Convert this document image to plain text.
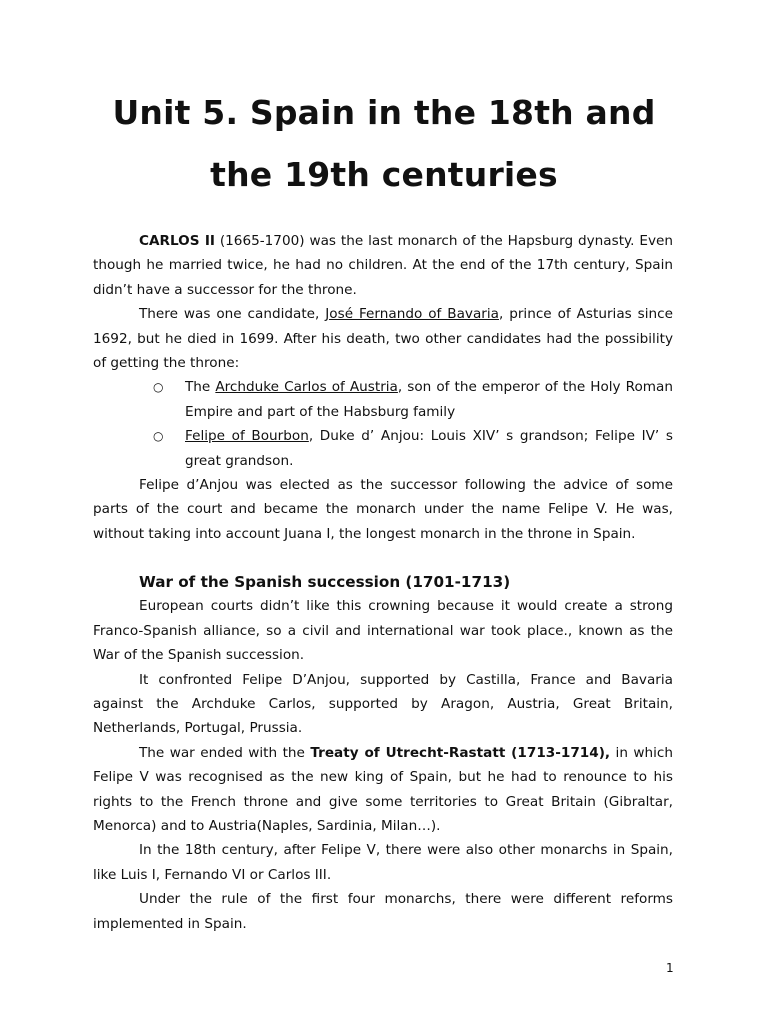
Unit 5. Spain in the 18th and
the 19th centuries

CARLOS II (1665-1700) was the last monarch of the Hapsburg dynasty. Even though he married twice, he had no children. At the end of the 17th century, Spain didn’t have a successor for the throne.

There was one candidate, José Fernando of Bavaria, prince of Asturias since 1692, but he died in 1699. After his death, two other candidates had the possibility of getting the throne:

○ The Archduke Carlos of Austria, son of the emperor of the Holy Roman Empire and part of the Habsburg family
○ Felipe of Bourbon, Duke d’ Anjou: Louis XIV’ s grandson; Felipe IV’ s great grandson.

Felipe d’Anjou was elected as the successor following the advice of some parts of the court and became the monarch under the name Felipe V. He was, without taking into account Juana I, the longest monarch in the throne in Spain.

War of the Spanish succession (1701-1713)

European courts didn’t like this crowning because it would create a strong Franco-Spanish alliance, so a civil and international war took place., known as the War of the Spanish succession.

It confronted Felipe D’Anjou, supported by Castilla, France and Bavaria against the Archduke Carlos, supported by Aragon, Austria, Great Britain, Netherlands, Portugal, Prussia.

The war ended with the Treaty of Utrecht-Rastatt (1713-1714), in which Felipe V was recognised as the new king of Spain, but he had to renounce to his rights to the French throne and give some territories to Great Britain (Gibraltar, Menorca) and to Austria(Naples, Sardinia, Milan…).

In the 18th century, after Felipe V, there were also other monarchs in Spain, like Luis I, Fernando VI or Carlos III.

Under the rule of the first four monarchs, there were different reforms implemented in Spain.

1
